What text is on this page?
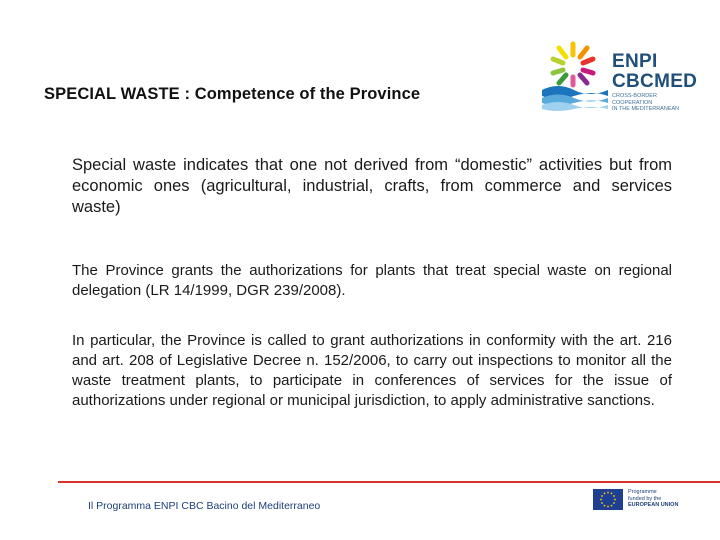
SPECIAL WASTE : Competence of the Province
ENPI
CBCMED
CROSS-BORDER COOPERATION
IN THE MEDITERRANEAN
Special waste indicates that one not derived from “domestic” activities but from economic ones (agricultural, industrial, crafts, from commerce and services waste)
The Province grants the authorizations for plants that treat special waste on regional delegation (LR 14/1999, DGR 239/2008).
In particular, the Province is called to grant authorizations in conformity with the art. 216 and art. 208 of Legislative Decree n. 152/2006, to carry out inspections to monitor all the waste treatment plants, to participate in conferences of services for the issue of authorizations under regional or municipal jurisdiction, to apply administrative sanctions.
Il Programma ENPI CBC Bacino del Mediterraneo
Programme
funded by the
EUROPEAN UNION
